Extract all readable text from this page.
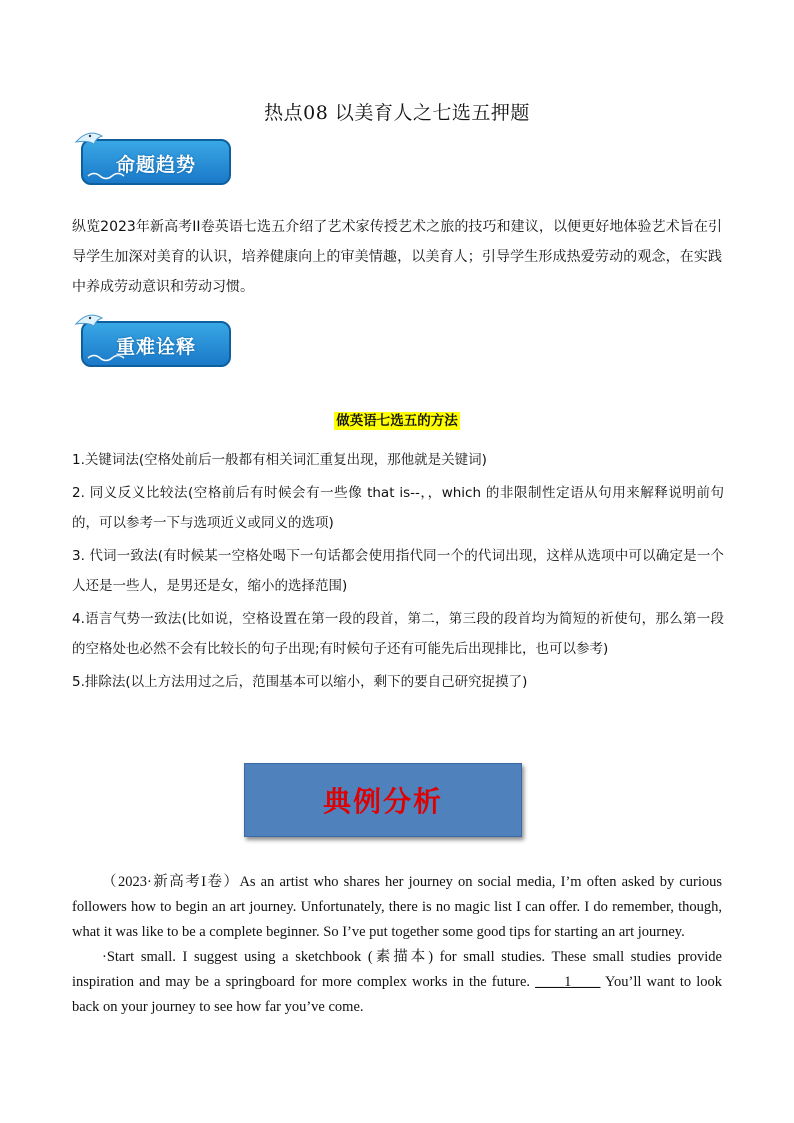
热点08 以美育人之七选五押题
命题趋势
纵览2023年新高考II卷英语七选五介绍了艺术家传授艺术之旅的技巧和建议，以便更好地体验艺术旨在引导学生加深对美育的认识，培养健康向上的审美情趣，以美育人；引导学生形成热爱劳动的观念，在实践中养成劳动意识和劳动习惯。
重难诠释
做英语七选五的方法
1.关键词法(空格处前后一般都有相关词汇重复出现，那他就是关键词)
2. 同义反义比较法(空格前后有时候会有一些像 that is--，，which 的非限制性定语从句用来解释说明前句的，可以参考一下与选项近义或同义的选项)
3. 代词一致法(有时候某一空格处喝下一句话都会使用指代同一个的代词出现，这样从选项中可以确定是一个人还是一些人，是男还是女，缩小的选择范围)
4.语言气势一致法(比如说，空格设置在第一段的段首，第二，第三段的段首均为简短的祈使句，那么第一段的空格处也必然不会有比较长的句子出现;有时候句子还有可能先后出现排比，也可以参考)
5.排除法(以上方法用过之后，范围基本可以缩小，剩下的要自己研究捉摸了)
典例分析
（2023·新高考I卷）As an artist who shares her journey on social media, I’m often asked by curious followers how to begin an art journey. Unfortunately, there is no magic list I can offer. I do remember, though, what it was like to be a complete beginner. So I’ve put together some good tips for starting an art journey.
·Start small. I suggest using a sketchbook (素描本) for small studies. These small studies provide inspiration and may be a springboard for more complex works in the future. ____1____ You’ll want to look back on your journey to see how far you’ve come.
